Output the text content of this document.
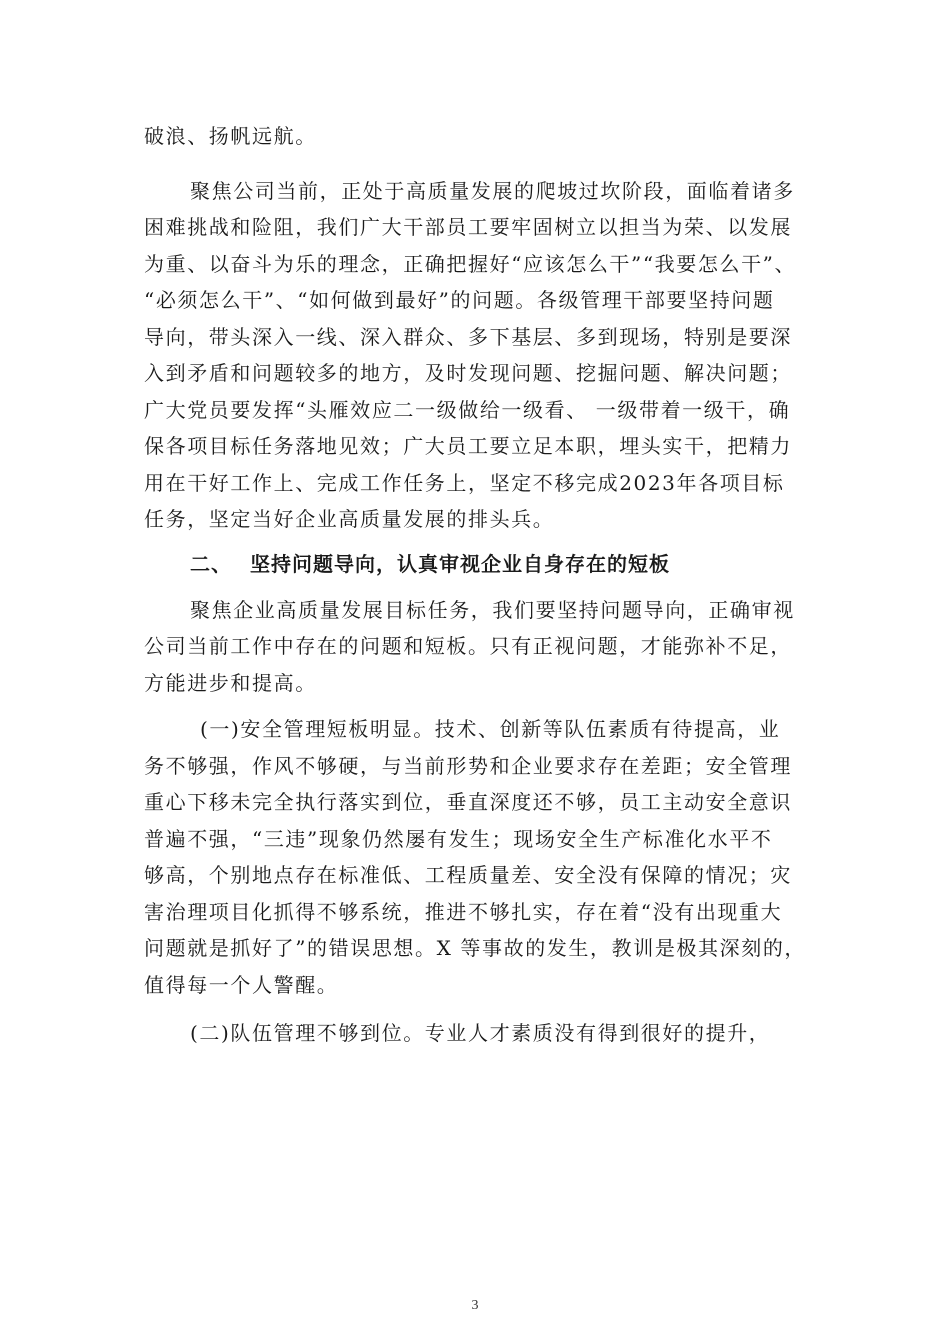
破浪、扬帆远航。

聚焦公司当前，正处于高质量发展的爬坡过坎阶段，面临着诸多
困难挑战和险阻，我们广大干部员工要牢固树立以担当为荣、以发展
为重、以奋斗为乐的理念，正确把握好“应该怎么干”“我要怎么干”、
“必须怎么干”、“如何做到最好”的问题。各级管理干部要坚持问题
导向，带头深入一线、深入群众、多下基层、多到现场，特别是要深
入到矛盾和问题较多的地方，及时发现问题、挖掘问题、解决问题；
广大党员要发挥“头雁效应二一级做给一级看、 一级带着一级干，确
保各项目标任务落地见效；广大员工要立足本职，埋头实干，把精力
用在干好工作上、完成工作任务上，坚定不移完成2023年各项目标
任务，坚定当好企业高质量发展的排头兵。

二、 坚持问题导向，认真审视企业自身存在的短板

聚焦企业高质量发展目标任务，我们要坚持问题导向，正确审视
公司当前工作中存在的问题和短板。只有正视问题，才能弥补不足，
方能进步和提高。

(一)安全管理短板明显。技术、创新等队伍素质有待提高，业
务不够强，作风不够硬，与当前形势和企业要求存在差距；安全管理
重心下移未完全执行落实到位，垂直深度还不够，员工主动安全意识
普遍不强，“三违”现象仍然屡有发生；现场安全生产标准化水平不
够高，个别地点存在标准低、工程质量差、安全没有保障的情况；灾
害治理项目化抓得不够系统，推进不够扎实，存在着“没有出现重大
问题就是抓好了”的错误思想。X 等事故的发生，教训是极其深刻的，
值得每一个人警醒。

(二)队伍管理不够到位。专业人才素质没有得到很好的提升，

3
